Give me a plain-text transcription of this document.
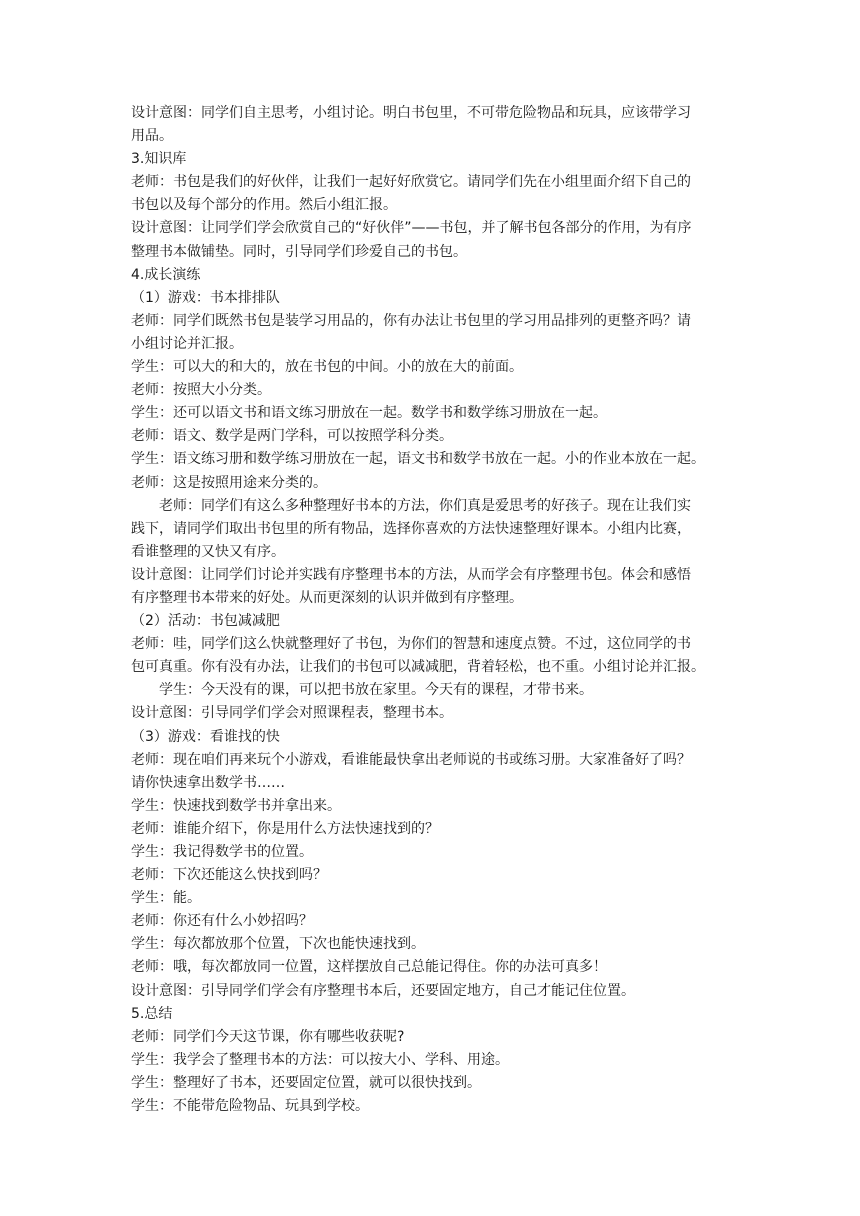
设计意图：同学们自主思考，小组讨论。明白书包里，不可带危险物品和玩具，应该带学习
用品。
3.知识库
老师：书包是我们的好伙伴，让我们一起好好欣赏它。请同学们先在小组里面介绍下自己的
书包以及每个部分的作用。然后小组汇报。
设计意图：让同学们学会欣赏自己的“好伙伴”——书包，并了解书包各部分的作用，为有序
整理书本做铺垫。同时，引导同学们珍爱自己的书包。
4.成长演练
（1）游戏：书本排排队
老师：同学们既然书包是装学习用品的，你有办法让书包里的学习用品排列的更整齐吗？请
小组讨论并汇报。
学生：可以大的和大的，放在书包的中间。小的放在大的前面。
老师：按照大小分类。
学生：还可以语文书和语文练习册放在一起。数学书和数学练习册放在一起。
老师：语文、数学是两门学科，可以按照学科分类。
学生：语文练习册和数学练习册放在一起，语文书和数学书放在一起。小的作业本放在一起。
老师：这是按照用途来分类的。
老师：同学们有这么多种整理好书本的方法，你们真是爱思考的好孩子。现在让我们实
践下，请同学们取出书包里的所有物品，选择你喜欢的方法快速整理好课本。小组内比赛，
看谁整理的又快又有序。
设计意图：让同学们讨论并实践有序整理书本的方法，从而学会有序整理书包。体会和感悟
有序整理书本带来的好处。从而更深刻的认识并做到有序整理。
（2）活动：书包减减肥
老师：哇，同学们这么快就整理好了书包，为你们的智慧和速度点赞。不过，这位同学的书
包可真重。你有没有办法，让我们的书包可以减减肥，背着轻松，也不重。小组讨论并汇报。
学生：今天没有的课，可以把书放在家里。今天有的课程，才带书来。
设计意图：引导同学们学会对照课程表，整理书本。
（3）游戏：看谁找的快
老师：现在咱们再来玩个小游戏，看谁能最快拿出老师说的书或练习册。大家准备好了吗？
请你快速拿出数学书……
学生：快速找到数学书并拿出来。
老师：谁能介绍下，你是用什么方法快速找到的？
学生：我记得数学书的位置。
老师：下次还能这么快找到吗？
学生：能。
老师：你还有什么小妙招吗？
学生：每次都放那个位置，下次也能快速找到。
老师：哦，每次都放同一位置，这样摆放自己总能记得住。你的办法可真多！
设计意图：引导同学们学会有序整理书本后，还要固定地方，自己才能记住位置。
5.总结
老师：同学们今天这节课，你有哪些收获呢?
学生：我学会了整理书本的方法：可以按大小、学科、用途。
学生：整理好了书本，还要固定位置，就可以很快找到。
学生：不能带危险物品、玩具到学校。
